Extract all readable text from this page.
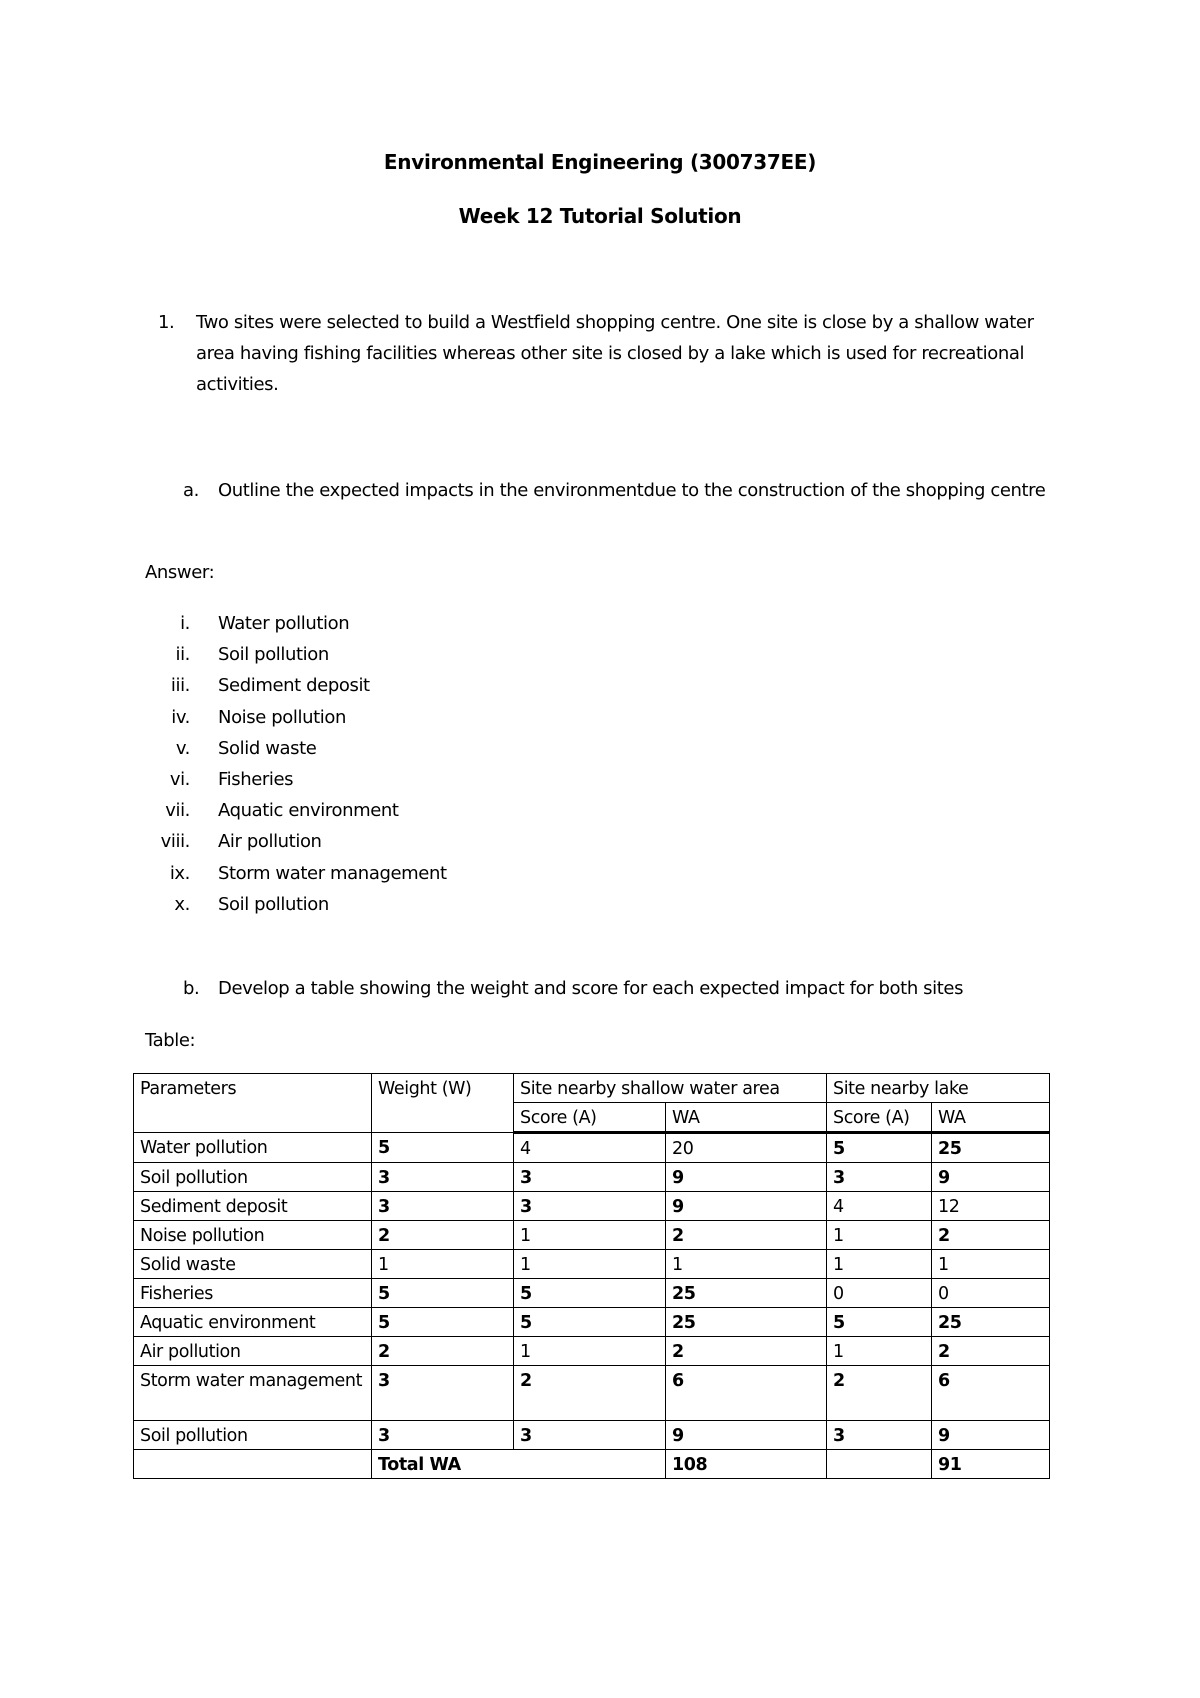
Environmental Engineering (300737EE)
Week 12 Tutorial Solution
1. Two sites were selected to build a Westfield shopping centre. One site is close by a shallow water area having fishing facilities whereas other site is closed by a lake which is used for recreational activities.
a. Outline the expected impacts in the environmentdue to the construction of the shopping centre
Answer:
i. Water pollution
ii. Soil pollution
iii. Sediment deposit
iv. Noise pollution
v. Solid waste
vi. Fisheries
vii. Aquatic environment
viii. Air pollution
ix. Storm water management
x. Soil pollution
b. Develop a table showing the weight and score for each expected impact for both sites
Table:
Parameters	Weight (W)	Site nearby shallow water area		Site nearby lake	
		Score (A)	WA	Score (A)	WA
Water pollution	5	4	20	5	25
Soil pollution	3	3	9	3	9
Sediment deposit	3	3	9	4	12
Noise pollution	2	1	2	1	2
Solid waste	1	1	1	1	1
Fisheries	5	5	25	0	0
Aquatic environment	5	5	25	5	25
Air pollution	2	1	2	1	2
Storm water management	3	2	6	2	6
Soil pollution	3	3	9	3	9
	Total WA		108		91
